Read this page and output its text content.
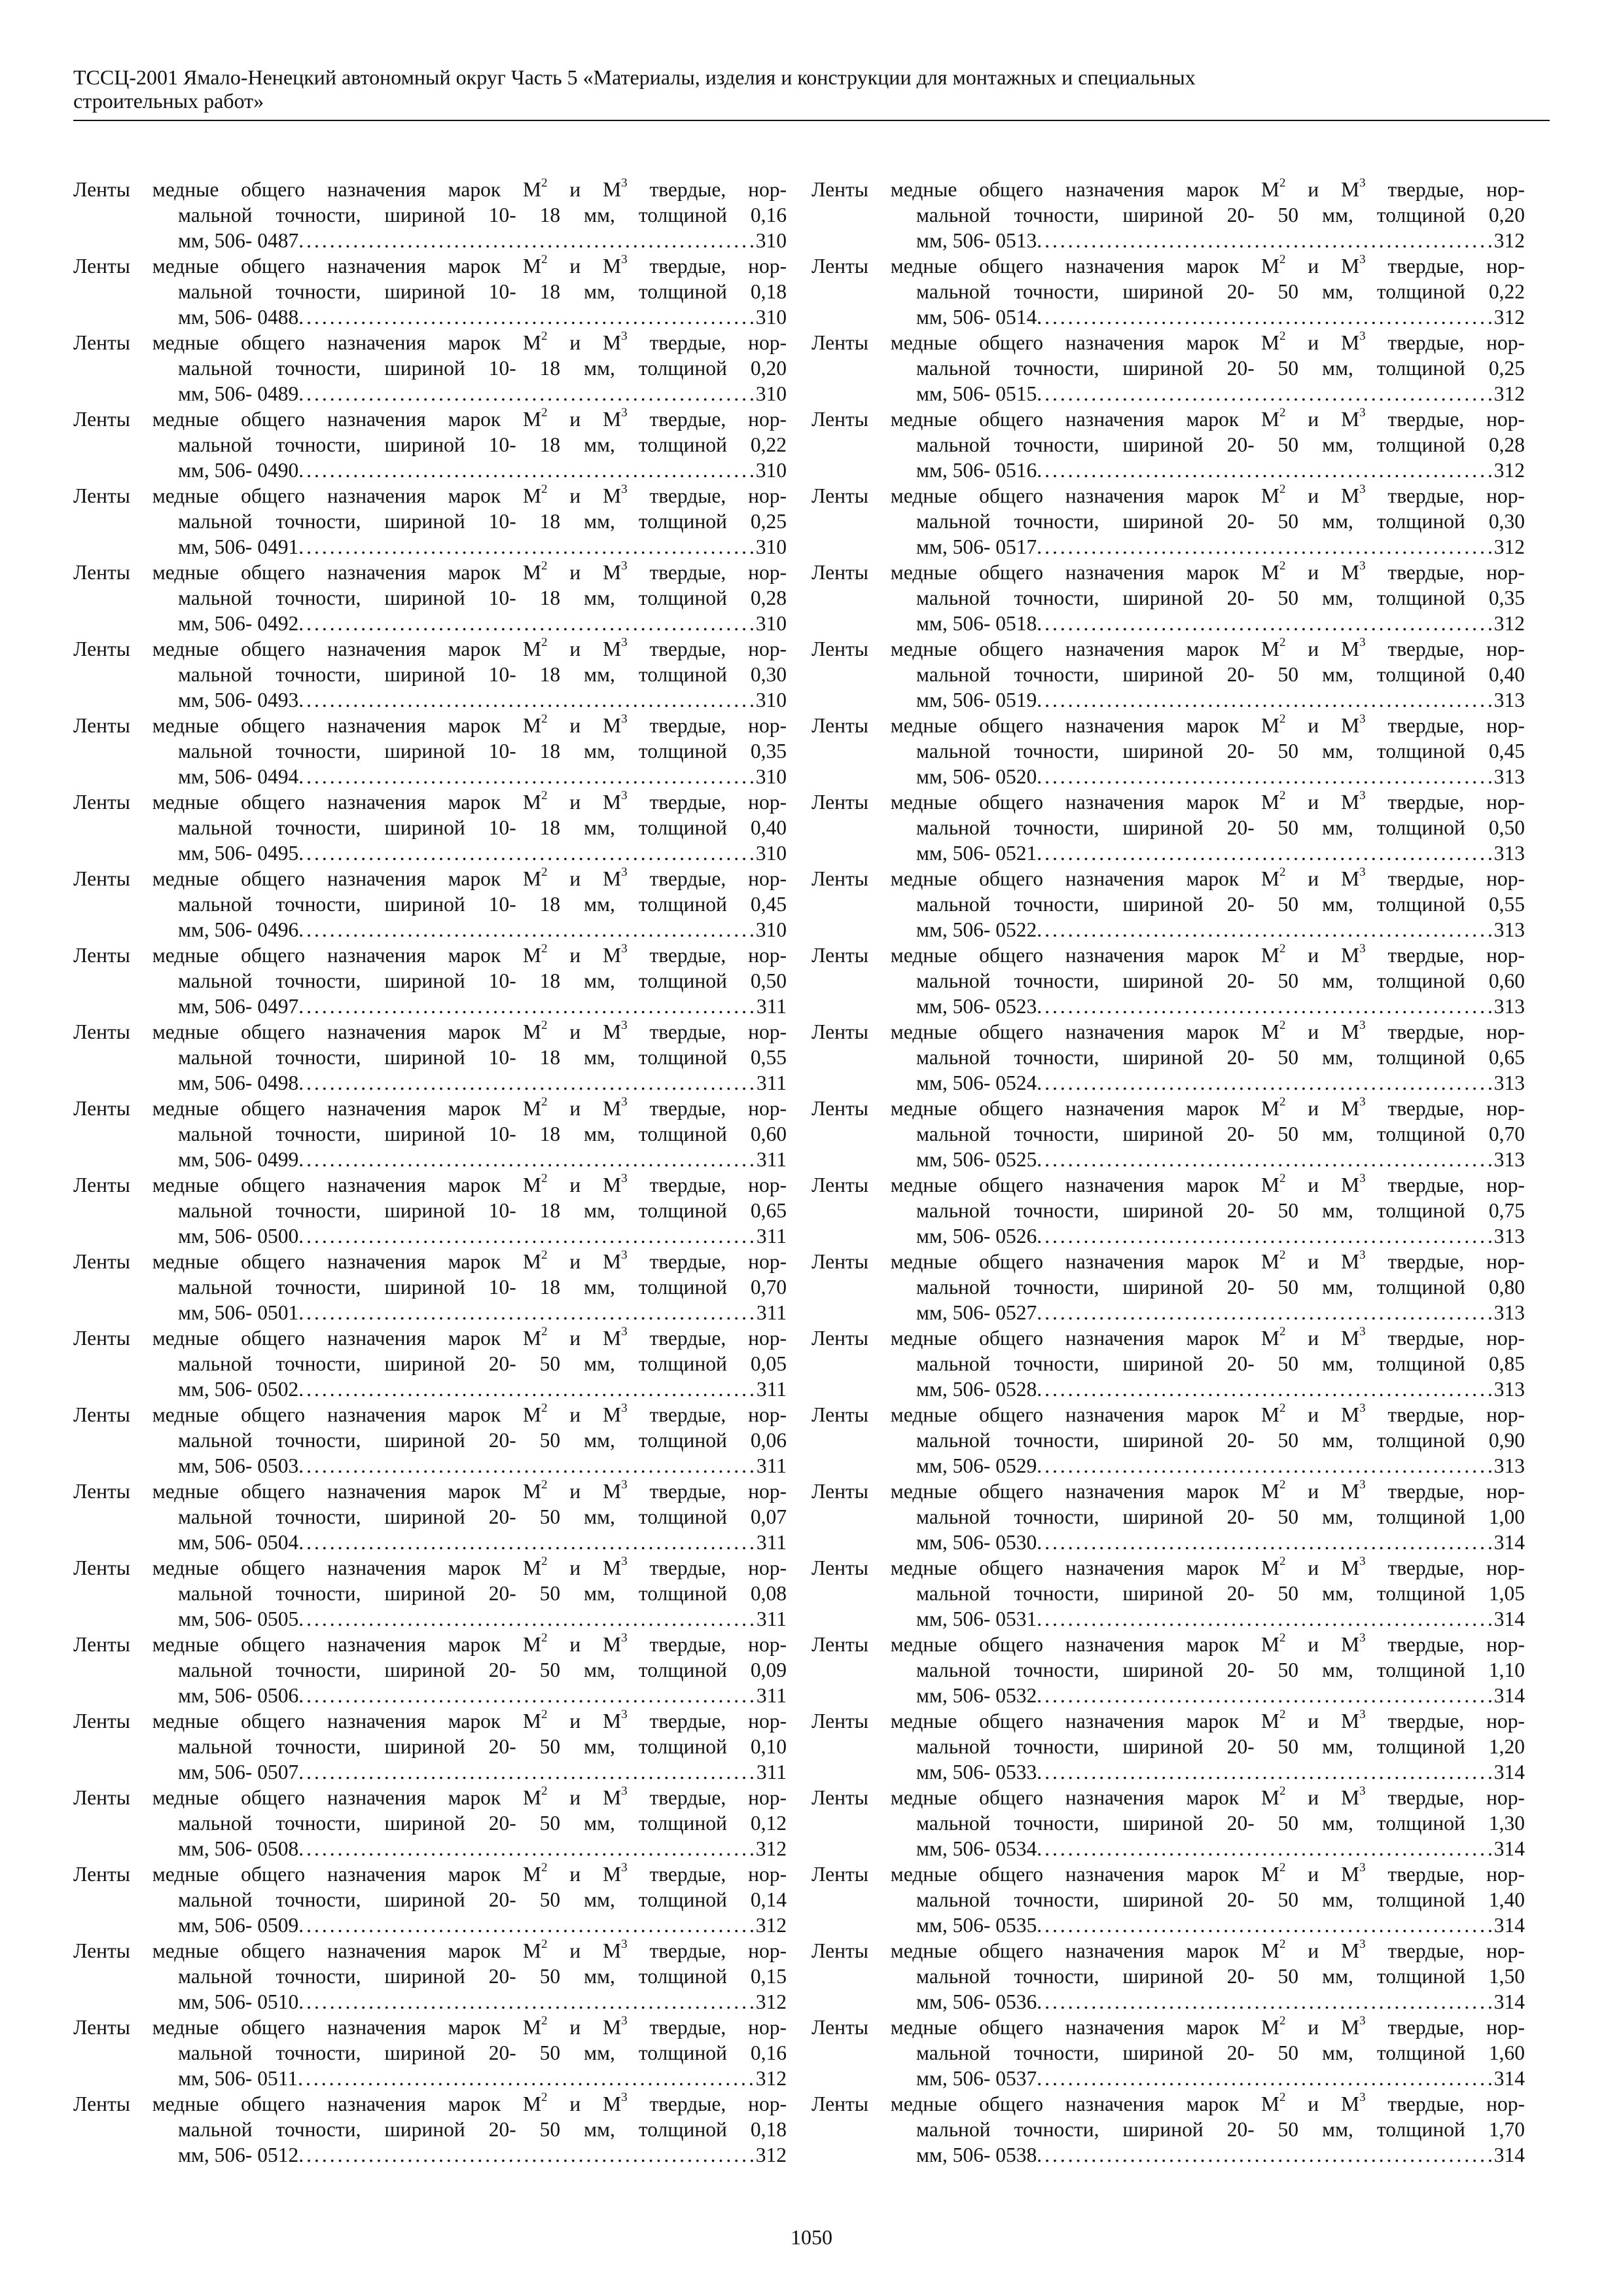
ТССЦ-2001 Ямало-Ненецкий автономный округ Часть 5 «Материалы, изделия и конструкции для монтажных и специальных
строительных работ»
Ленты медные общего назначения марок $М^2$ и $М^3$ твердые, нор-
мальной точности, шириной 10- 18 мм, толщиной 0,16
мм, 506- 0487 .....	310
Ленты медные общего назначения марок $М^2$ и $М^3$ твердые, нор-
мальной точности, шириной 10- 18 мм, толщиной 0,18
мм, 506- 0488 .....	310
Ленты медные общего назначения марок $М^2$ и $М^3$ твердые, нор-
мальной точности, шириной 10- 18 мм, толщиной 0,20
мм, 506- 0489 .....	310
Ленты медные общего назначения марок $М^2$ и $М^3$ твердые, нор-
мальной точности, шириной 10- 18 мм, толщиной 0,22
мм, 506- 0490 .....	310
Ленты медные общего назначения марок $М^2$ и $М^3$ твердые, нор-
мальной точности, шириной 10- 18 мм, толщиной 0,25
мм, 506- 0491 .....	310
Ленты медные общего назначения марок $М^2$ и $М^3$ твердые, нор-
мальной точности, шириной 10- 18 мм, толщиной 0,28
мм, 506- 0492 .....	310
Ленты медные общего назначения марок $М^2$ и $М^3$ твердые, нор-
мальной точности, шириной 10- 18 мм, толщиной 0,30
мм, 506- 0493 .....	310
Ленты медные общего назначения марок $М^2$ и $М^3$ твердые, нор-
мальной точности, шириной 10- 18 мм, толщиной 0,35
мм, 506- 0494 .....	310
Ленты медные общего назначения марок $М^2$ и $М^3$ твердые, нор-
мальной точности, шириной 10- 18 мм, толщиной 0,40
мм, 506- 0495 .....	310
Ленты медные общего назначения марок $М^2$ и $М^3$ твердые, нор-
мальной точности, шириной 10- 18 мм, толщиной 0,45
мм, 506- 0496 .....	310
Ленты медные общего назначения марок $М^2$ и $М^3$ твердые, нор-
мальной точности, шириной 10- 18 мм, толщиной 0,50
мм, 506- 0497 .....	311
Ленты медные общего назначения марок $М^2$ и $М^3$ твердые, нор-
мальной точности, шириной 10- 18 мм, толщиной 0,55
мм, 506- 0498 .....	311
Ленты медные общего назначения марок $М^2$ и $М^3$ твердые, нор-
мальной точности, шириной 10- 18 мм, толщиной 0,60
мм, 506- 0499 .....	311
Ленты медные общего назначения марок $М^2$ и $М^3$ твердые, нор-
мальной точности, шириной 10- 18 мм, толщиной 0,65
мм, 506- 0500 .....	311
Ленты медные общего назначения марок $М^2$ и $М^3$ твердые, нор-
мальной точности, шириной 10- 18 мм, толщиной 0,70
мм, 506- 0501 .....	311
Ленты медные общего назначения марок $М^2$ и $М^3$ твердые, нор-
мальной точности, шириной 20- 50 мм, толщиной 0,05
мм, 506- 0502 .....	311
Ленты медные общего назначения марок $М^2$ и $М^3$ твердые, нор-
мальной точности, шириной 20- 50 мм, толщиной 0,06
мм, 506- 0503 .....	311
Ленты медные общего назначения марок $М^2$ и $М^3$ твердые, нор-
мальной точности, шириной 20- 50 мм, толщиной 0,07
мм, 506- 0504 .....	311
Ленты медные общего назначения марок $М^2$ и $М^3$ твердые, нор-
мальной точности, шириной 20- 50 мм, толщиной 0,08
мм, 506- 0505 .....	311
Ленты медные общего назначения марок $М^2$ и $М^3$ твердые, нор-
мальной точности, шириной 20- 50 мм, толщиной 0,09
мм, 506- 0506 .....	311
Ленты медные общего назначения марок $М^2$ и $М^3$ твердые, нор-
мальной точности, шириной 20- 50 мм, толщиной 0,10
мм, 506- 0507 .....	311
Ленты медные общего назначения марок $М^2$ и $М^3$ твердые, нор-
мальной точности, шириной 20- 50 мм, толщиной 0,12
мм, 506- 0508 .....	312
Ленты медные общего назначения марок $М^2$ и $М^3$ твердые, нор-
мальной точности, шириной 20- 50 мм, толщиной 0,14
мм, 506- 0509 .....	312
Ленты медные общего назначения марок $М^2$ и $М^3$ твердые, нор-
мальной точности, шириной 20- 50 мм, толщиной 0,15
мм, 506- 0510 .....	312
Ленты медные общего назначения марок $М^2$ и $М^3$ твердые, нор-
мальной точности, шириной 20- 50 мм, толщиной 0,16
мм, 506- 0511 .....	312
Ленты медные общего назначения марок $М^2$ и $М^3$ твердые, нор-
мальной точности, шириной 20- 50 мм, толщиной 0,18
мм, 506- 0512 .....	312
Ленты медные общего назначения марок $М^2$ и $М^3$ твердые, нор-
мальной точности, шириной 20- 50 мм, толщиной 0,20
мм, 506- 0513 .....	312
Ленты медные общего назначения марок $М^2$ и $М^3$ твердые, нор-
мальной точности, шириной 20- 50 мм, толщиной 0,22
мм, 506- 0514 .....	312
Ленты медные общего назначения марок $М^2$ и $М^3$ твердые, нор-
мальной точности, шириной 20- 50 мм, толщиной 0,25
мм, 506- 0515 .....	312
Ленты медные общего назначения марок $М^2$ и $М^3$ твердые, нор-
мальной точности, шириной 20- 50 мм, толщиной 0,28
мм, 506- 0516 .....	312
Ленты медные общего назначения марок $М^2$ и $М^3$ твердые, нор-
мальной точности, шириной 20- 50 мм, толщиной 0,30
мм, 506- 0517 .....	312
Ленты медные общего назначения марок $М^2$ и $М^3$ твердые, нор-
мальной точности, шириной 20- 50 мм, толщиной 0,35
мм, 506- 0518 .....	312
Ленты медные общего назначения марок $М^2$ и $М^3$ твердые, нор-
мальной точности, шириной 20- 50 мм, толщиной 0,40
мм, 506- 0519 .....	313
Ленты медные общего назначения марок $М^2$ и $М^3$ твердые, нор-
мальной точности, шириной 20- 50 мм, толщиной 0,45
мм, 506- 0520 .....	313
Ленты медные общего назначения марок $М^2$ и $М^3$ твердые, нор-
мальной точности, шириной 20- 50 мм, толщиной 0,50
мм, 506- 0521 .....	313
Ленты медные общего назначения марок $М^2$ и $М^3$ твердые, нор-
мальной точности, шириной 20- 50 мм, толщиной 0,55
мм, 506- 0522 .....	313
Ленты медные общего назначения марок $М^2$ и $М^3$ твердые, нор-
мальной точности, шириной 20- 50 мм, толщиной 0,60
мм, 506- 0523 .....	313
Ленты медные общего назначения марок $М^2$ и $М^3$ твердые, нор-
мальной точности, шириной 20- 50 мм, толщиной 0,65
мм, 506- 0524 .....	313
Ленты медные общего назначения марок $М^2$ и $М^3$ твердые, нор-
мальной точности, шириной 20- 50 мм, толщиной 0,70
мм, 506- 0525 .....	313
Ленты медные общего назначения марок $М^2$ и $М^3$ твердые, нор-
мальной точности, шириной 20- 50 мм, толщиной 0,75
мм, 506- 0526 .....	313
Ленты медные общего назначения марок $М^2$ и $М^3$ твердые, нор-
мальной точности, шириной 20- 50 мм, толщиной 0,80
мм, 506- 0527 .....	313
Ленты медные общего назначения марок $М^2$ и $М^3$ твердые, нор-
мальной точности, шириной 20- 50 мм, толщиной 0,85
мм, 506- 0528 .....	313
Ленты медные общего назначения марок $М^2$ и $М^3$ твердые, нор-
мальной точности, шириной 20- 50 мм, толщиной 0,90
мм, 506- 0529 .....	313
Ленты медные общего назначения марок $М^2$ и $М^3$ твердые, нор-
мальной точности, шириной 20- 50 мм, толщиной 1,00
мм, 506- 0530 .....	314
Ленты медные общего назначения марок $М^2$ и $М^3$ твердые, нор-
мальной точности, шириной 20- 50 мм, толщиной 1,05
мм, 506- 0531 .....	314
Ленты медные общего назначения марок $М^2$ и $М^3$ твердые, нор-
мальной точности, шириной 20- 50 мм, толщиной 1,10
мм, 506- 0532 .....	314
Ленты медные общего назначения марок $М^2$ и $М^3$ твердые, нор-
мальной точности, шириной 20- 50 мм, толщиной 1,20
мм, 506- 0533 .....	314
Ленты медные общего назначения марок $М^2$ и $М^3$ твердые, нор-
мальной точности, шириной 20- 50 мм, толщиной 1,30
мм, 506- 0534 .....	314
Ленты медные общего назначения марок $М^2$ и $М^3$ твердые, нор-
мальной точности, шириной 20- 50 мм, толщиной 1,40
мм, 506- 0535 .....	314
Ленты медные общего назначения марок $М^2$ и $М^3$ твердые, нор-
мальной точности, шириной 20- 50 мм, толщиной 1,50
мм, 506- 0536 .....	314
Ленты медные общего назначения марок $М^2$ и $М^3$ твердые, нор-
мальной точности, шириной 20- 50 мм, толщиной 1,60
мм, 506- 0537 .....	314
Ленты медные общего назначения марок $М^2$ и $М^3$ твердые, нор-
мальной точности, шириной 20- 50 мм, толщиной 1,70
мм, 506- 0538 .....	314
1050
